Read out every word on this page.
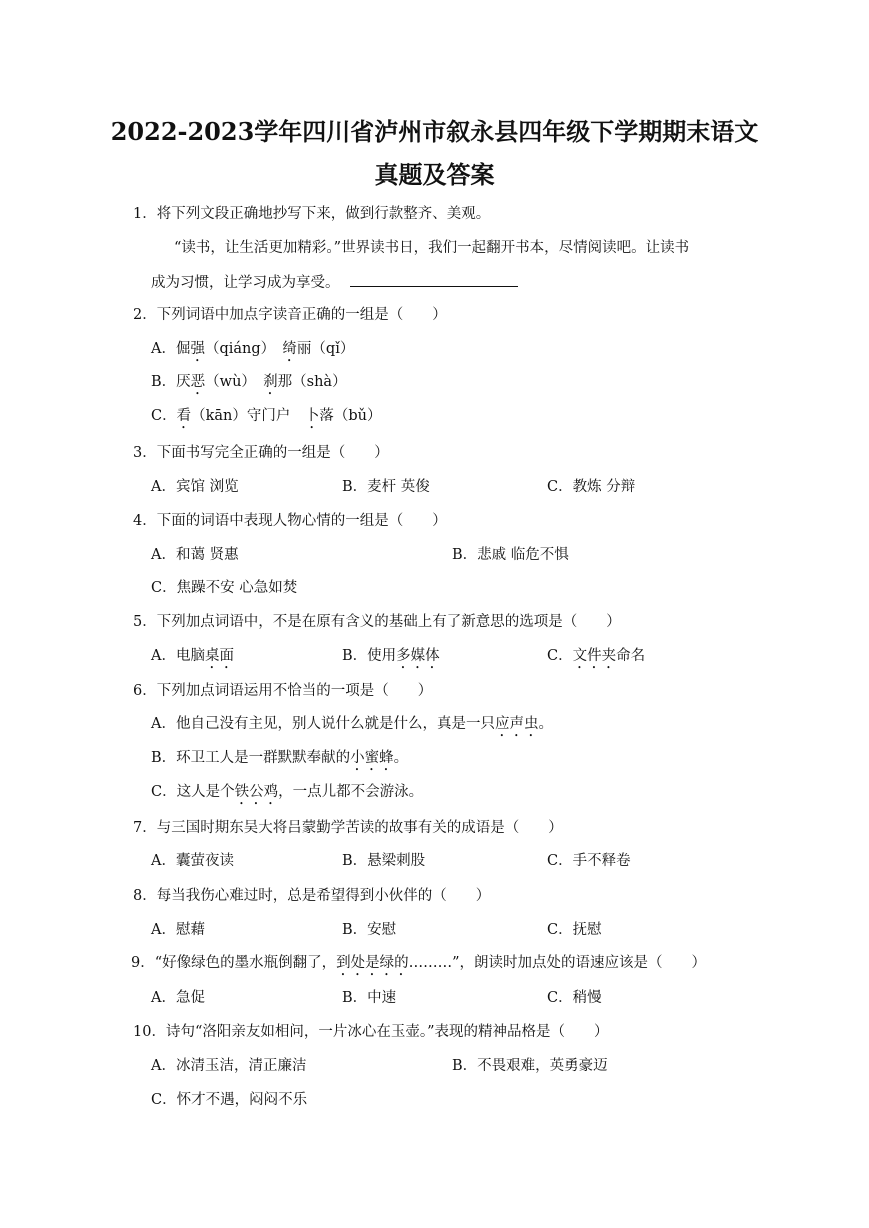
2022-2023学年四川省泸州市叙永县四年级下学期期末语文
真题及答案
1．将下列文段正确地抄写下来，做到行款整齐、美观。
“读书，让生活更加精彩。”世界读书日，我们一起翻开书本，尽情阅读吧。让读书
成为习惯，让学习成为享受。
2．下列词语中加点字读音正确的一组是（　　）
A．倔强（qiáng）　绮丽（qǐ）
B．厌恶（wù）　刹那（shà）
C．看（kān）守门户　卜落（bǔ）
3．下面书写完全正确的一组是（　　）
A．宾馆 浏览	B．麦杆 英俊	C．教炼 分辩
4．下面的词语中表现人物心情的一组是（　　）
A．和蔼 贤惠	B．悲戚 临危不惧
C．焦躁不安 心急如焚
5．下列加点词语中，不是在原有含义的基础上有了新意思的选项是（　　）
A．电脑桌面	B．使用多媒体	C．文件夹命名
6．下列加点词语运用不恰当的一项是（　　）
A．他自己没有主见，别人说什么就是什么，真是一只应声虫。
B．环卫工人是一群默默奉献的小蜜蜂。
C．这人是个铁公鸡，一点儿都不会游泳。
7．与三国时期东吴大将吕蒙勤学苦读的故事有关的成语是（　　）
A．囊萤夜读	B．悬梁刺股	C．手不释卷
8．每当我伤心难过时，总是希望得到小伙伴的（　　）
A．慰藉	B．安慰	C．抚慰
9．“好像绿色的墨水瓶倒翻了，到处是绿的………”，朗读时加点处的语速应该是（　　）
A．急促	B．中速	C．稍慢
10．诗句“洛阳亲友如相问，一片冰心在玉壶。”表现的精神品格是（　　）
A．冰清玉洁，清正廉洁	B．不畏艰难，英勇豪迈
C．怀才不遇，闷闷不乐
